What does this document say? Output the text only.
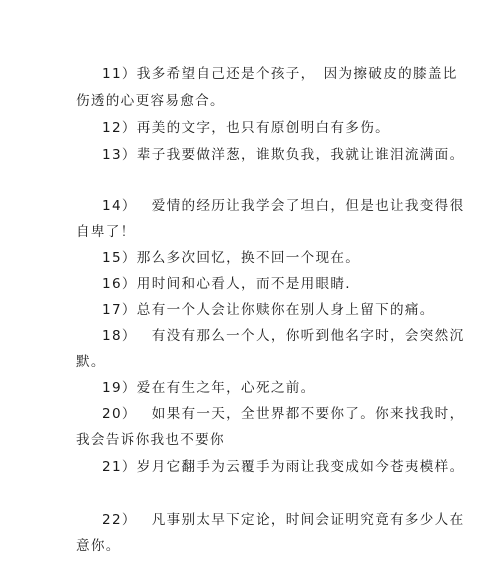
11）我多希望自己还是个孩子，　因为擦破皮的膝盖比
伤透的心更容易愈合。
12）再美的文字，也只有原创明白有多伤。
13）辈子我要做洋葱，谁欺负我，我就让谁泪流满面。
14）　爱情的经历让我学会了坦白，但是也让我变得很
自卑了！
15）那么多次回忆，换不回一个现在。
16）用时间和心看人，而不是用眼睛.
17）总有一个人会让你赎你在别人身上留下的痛。
18）　有没有那么一个人，你听到他名字时，会突然沉
默。
19）爱在有生之年，心死之前。
20）　如果有一天，全世界都不要你了。你来找我时，
我会告诉你我也不要你
21）岁月它翻手为云覆手为雨让我变成如今苍夷模样。
22）　凡事别太早下定论，时间会证明究竟有多少人在
意你。
